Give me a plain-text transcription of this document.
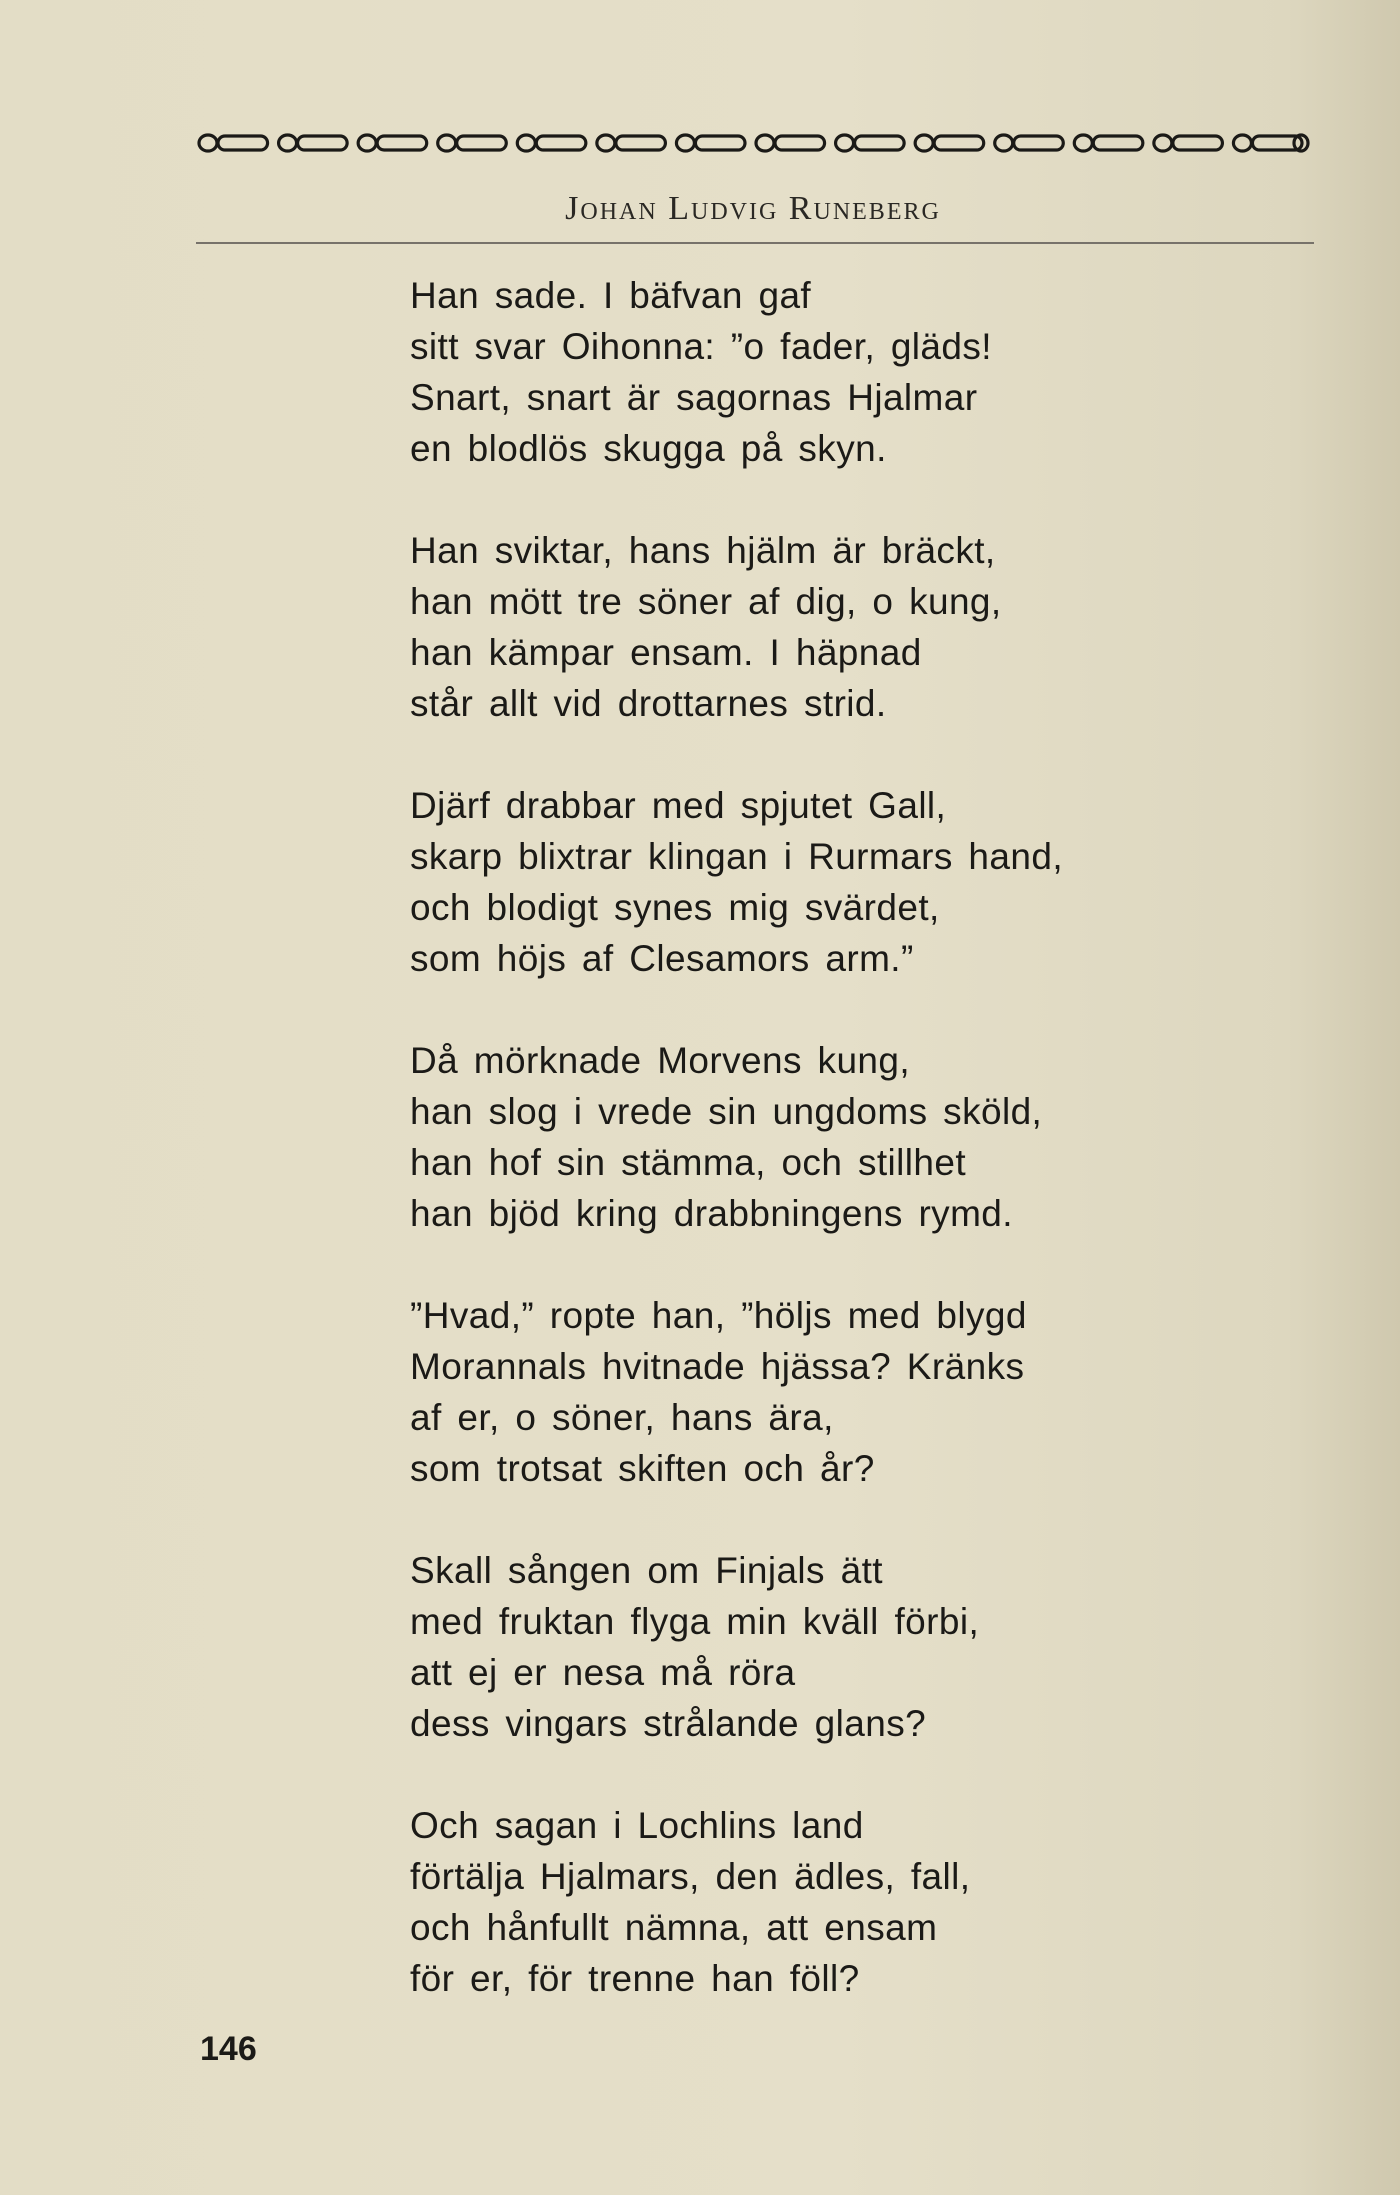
Johan Ludvig Runeberg
Han sade. I bäfvan gaf
sitt svar Oihonna: ”o fader, gläds!
Snart, snart är sagornas Hjalmar
en blodlös skugga på skyn.
Han sviktar, hans hjälm är bräckt,
han mött tre söner af dig, o kung,
han kämpar ensam. I häpnad
står allt vid drottarnes strid.
Djärf drabbar med spjutet Gall,
skarp blixtrar klingan i Rurmars hand,
och blodigt synes mig svärdet,
som höjs af Clesamors arm.”
Då mörknade Morvens kung,
han slog i vrede sin ungdoms sköld,
han hof sin stämma, och stillhet
han bjöd kring drabbningens rymd.
”Hvad,” ropte han, ”höljs med blygd
Morannals hvitnade hjässa? Kränks
af er, o söner, hans ära,
som trotsat skiften och år?
Skall sången om Finjals ätt
med fruktan flyga min kväll förbi,
att ej er nesa må röra
dess vingars strålande glans?
Och sagan i Lochlins land
förtälja Hjalmars, den ädles, fall,
och hånfullt nämna, att ensam
för er, för trenne han föll?
146
